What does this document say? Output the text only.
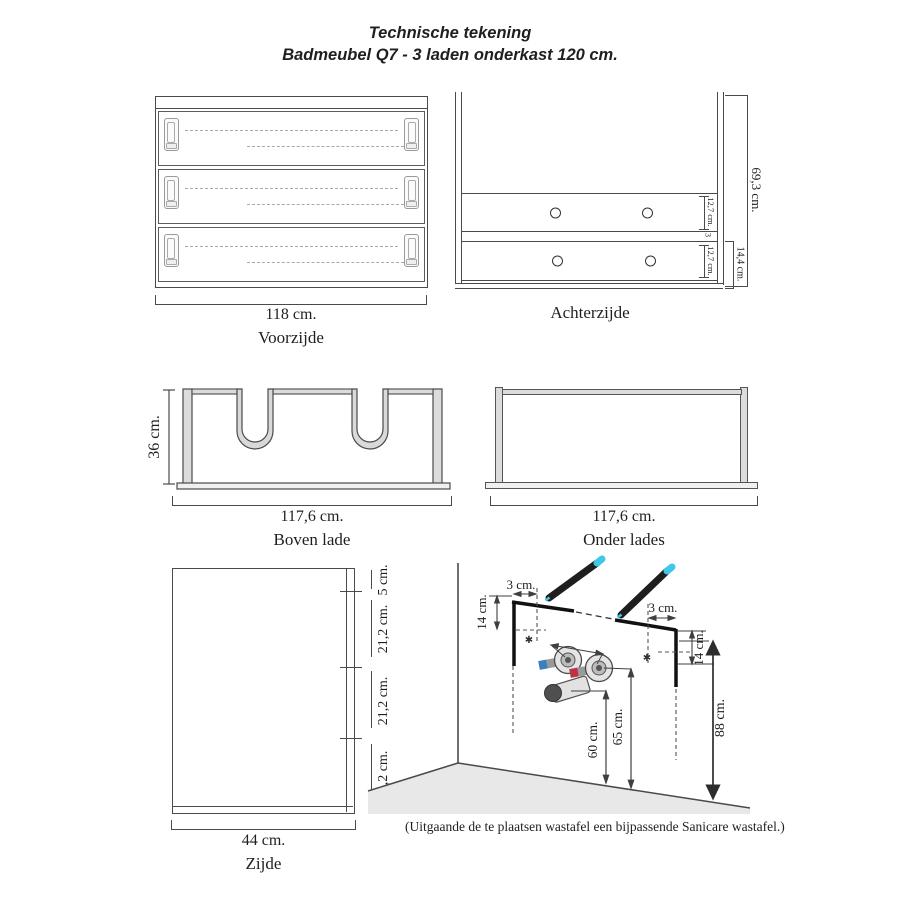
Technische tekening
Badmeubel Q7 - 3 laden onderkast 120 cm.
118 cm.
Voorzijde
12,7 cm.
3
12,7 cm. 14,4 cm.
69,3 cm.
Achterzijde
36 cm.
117,6 cm.
Boven lade
117,6 cm.
Onder lades
5 cm.
21,2 cm.
21,2 cm.
21,2 cm.
44 cm.
Zijde
3 cm.
14 cm.	3 cm.
14 cm.
✱
✱
60 cm. 65 cm.	88 cm.
(Uitgaande de te plaatsen wastafel een bijpassende Sanicare wastafel.)
